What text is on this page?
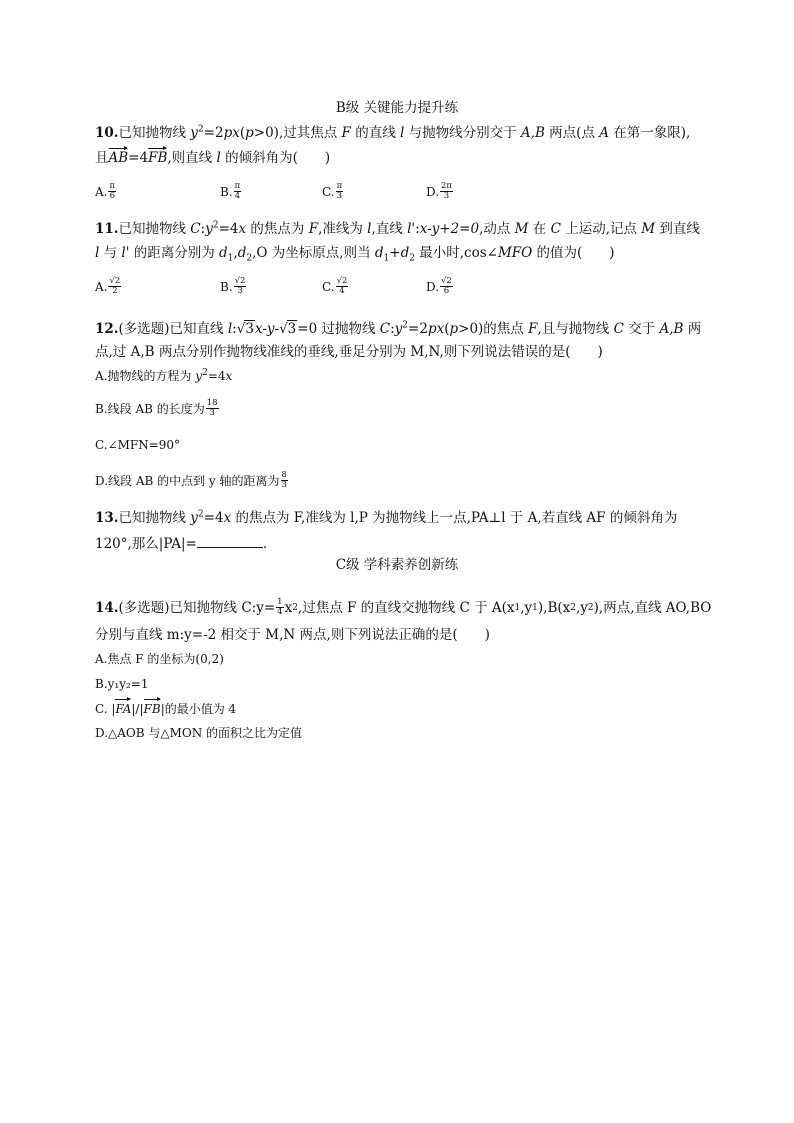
B级 关键能力提升练
10.已知抛物线 $y^2=2px(p>0)$,过其焦点 F 的直线 l 与抛物线分别交于 A,B 两点(点 A 在第一象限),
且AB=4FB,则直线 l 的倾斜角为(　　)
A. $\frac{\pi}{6}$	B. $\frac{\pi}{4}$	C. $\frac{\pi}{3}$	D. $\frac{2\pi}{3}$
11.已知抛物线 $C:y^2=4x$ 的焦点为 F,准线为 l,直线 l':x-y+2=0,动点 M 在 C 上运动,记点 M 到直线
l 与 l' 的距离分别为 $d_1,d_2,O$ 为坐标原点,则当 $d_1+d_2$ 最小时,cos∠MFO 的值为(　　)
A. $\frac{√2}{2}$	B. $\frac{√2}{3}$	C. $\frac{√2}{4}$	D. $\frac{√2}{6}$
12.(多选题)已知直线 l:√3x-y-√3=0 过抛物线 $C:y^2=2px(p>0)$的焦点 F,且与抛物线 C 交于 A,B 两
点,过 A,B 两点分别作抛物线准线的垂线,垂足分别为 M,N,则下列说法错误的是(　　)
A.抛物线的方程为 $y^2=4x$
B.线段 AB 的长度为 $\frac{18}{3}$
C.∠MFN=90°
D.线段 AB 的中点到 y 轴的距离为 $\frac{8}{3}$
13.已知抛物线 $y^2=4x$ 的焦点为 F,准线为 l,P 为抛物线上一点,PA⊥l 于 A,若直线 AF 的倾斜角为
120°,那么|PA|=	.
C级 学科素养创新练
14. (多选题)已知抛物线 C:y= $\frac{1}{4}$ x 2 ,过焦点 F 的直线交抛物线 C 于 A(x 1 ,y 1 ),B(x 2 ,y 2 ),两点,直线 AO,BO
分别与直线 m:y=-2 相交于 M,N 两点,则下列说法正确的是(　　)
A.焦点 F 的坐标为(0,2)
B.y₁y₂=1
C. |FA|/|FB|的最小值为 4
D.△AOB 与△MON 的面积之比为定值
